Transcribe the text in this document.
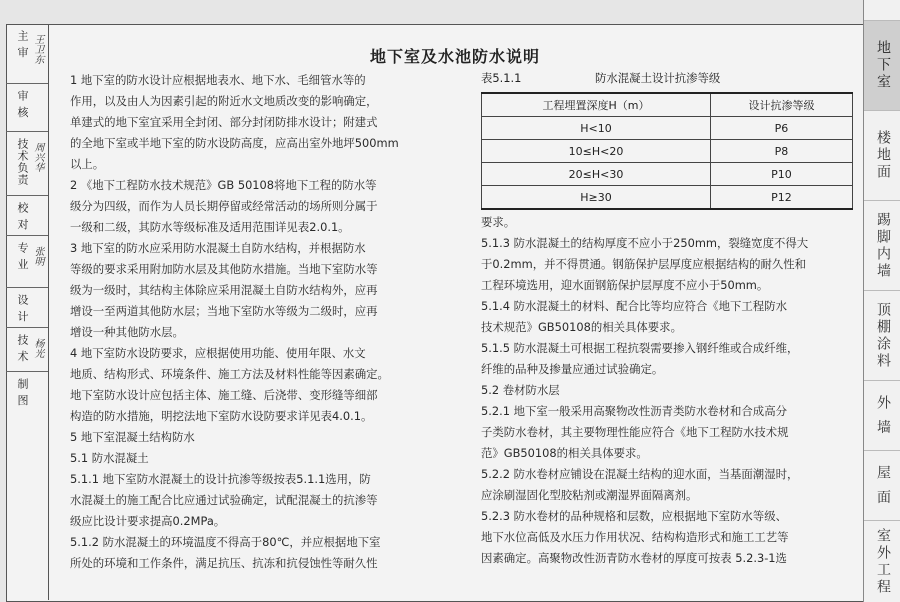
主 审 王卫东
审 核
技术负责 周兴华
校 对
专 业 张明
设 计
技 术 杨光
制 图
地下室及水池防水说明

1 地下室的防水设计应根据地表水、地下水、毛细管水等的

作用，以及由人为因素引起的附近水文地质改变的影响确定，

单建式的地下室宜采用全封闭、部分封闭防排水设计；附建式

的全地下室或半地下室的防水设防高度，应高出室外地坪500mm

以上。

2 《地下工程防水技术规范》GB 50108将地下工程的防水等

级分为四级，而作为人员长期停留或经常活动的场所则分属于

一级和二级，其防水等级标准及适用范围详见表2.0.1。

3 地下室的防水应采用防水混凝土自防水结构，并根据防水

等级的要求采用附加防水层及其他防水措施。当地下室防水等

级为一级时，其结构主体除应采用混凝土自防水结构外，应再

增设一至两道其他防水层；当地下室防水等级为二级时，应再

增设一种其他防水层。

4 地下室防水设防要求，应根据使用功能、使用年限、水文

地质、结构形式、环境条件、施工方法及材料性能等因素确定。

地下室防水设计应包括主体、施工缝、后浇带、变形缝等细部

构造的防水措施，明挖法地下室防水设防要求详见表4.0.1。

5 地下室混凝土结构防水

5.1 防水混凝土

5.1.1 地下室防水混凝土的设计抗渗等级按表5.1.1选用，防

水混凝土的施工配合比应通过试验确定，试配混凝土的抗渗等

级应比设计要求提高0.2MPa。

5.1.2 防水混凝土的环境温度不得高于80℃，并应根据地下室

所处的环境和工作条件，满足抗压、抗冻和抗侵蚀性等耐久性

表5.1.1	防水混凝土设计抗渗等级
工程埋置深度H（m）	设计抗渗等级
H<10	P6
10≤H<20	P8
20≤H<30	P10
H≥30	P12

要求。

5.1.3 防水混凝土的结构厚度不应小于250mm，裂缝宽度不得大

于0.2mm，并不得贯通。钢筋保护层厚度应根据结构的耐久性和

工程环境选用，迎水面钢筋保护层厚度不应小于50mm。

5.1.4 防水混凝土的材料、配合比等均应符合《地下工程防水

技术规范》GB50108的相关具体要求。

5.1.5 防水混凝土可根据工程抗裂需要掺入钢纤维或合成纤维，

纤维的品种及掺量应通过试验确定。

5.2 卷材防水层

5.2.1 地下室一般采用高聚物改性沥青类防水卷材和合成高分

子类防水卷材，其主要物理性能应符合《地下工程防水技术规

范》GB50108的相关具体要求。

5.2.2 防水卷材应铺设在混凝土结构的迎水面，当基面潮湿时，

应涂刷湿固化型胶粘剂或潮湿界面隔离剂。

5.2.3 防水卷材的品种规格和层数，应根据地下室防水等级、

地下水位高低及水压力作用状况、结构构造形式和施工工艺等

因素确定。高聚物改性沥青防水卷材的厚度可按表 5.2.3-1选

地下室
楼地面
踢脚内墙
顶棚涂料
外 墙
屋 面
室外工程
